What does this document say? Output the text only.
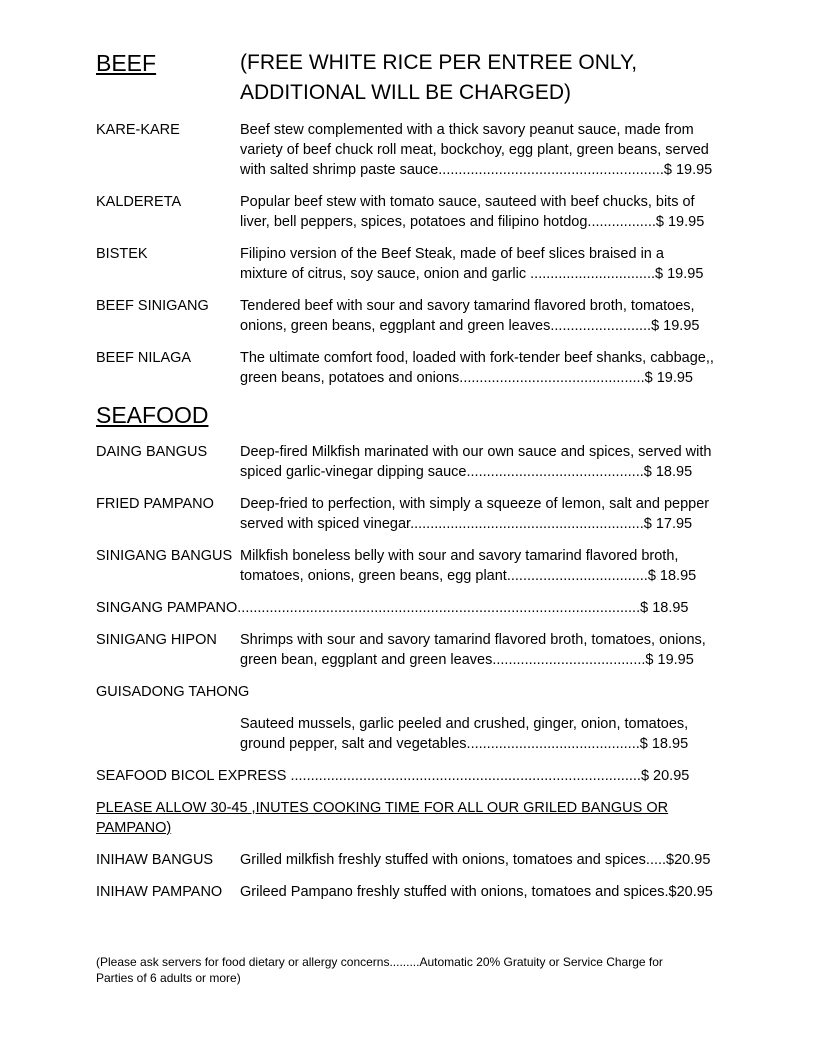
BEEF	(FREE WHITE RICE PER ENTREE ONLY,
ADDITIONAL WILL BE CHARGED)
KARE-KARE	Beef stew complemented with a thick savory peanut sauce, made from
variety of beef chuck roll meat, bockchoy, egg plant, green beans, served
with salted shrimp paste sauce........................................................$ 19.95
KALDERETA	Popular beef stew with tomato sauce, sauteed with beef chucks, bits of
liver, bell peppers, spices, potatoes and filipino hotdog.................$ 19.95
BISTEK	Filipino version of the Beef Steak, made of beef slices braised in a
mixture of citrus, soy sauce, onion and garlic ...............................$ 19.95
BEEF SINIGANG	Tendered beef with sour and savory tamarind flavored broth, tomatoes,
onions, green beans, eggplant and green leaves.........................$ 19.95
BEEF NILAGA	The ultimate comfort food, loaded with fork-tender beef shanks, cabbage,,
green beans, potatoes and onions..............................................$ 19.95
SEAFOOD
DAING BANGUS	Deep-fired Milkfish marinated with our own sauce and spices, served with
spiced garlic-vinegar dipping sauce............................................$ 18.95
FRIED PAMPANO	Deep-fried to perfection, with simply a squeeze of lemon, salt and pepper
served with spiced vinegar..........................................................$ 17.95
SINIGANG BANGUS Milkfish boneless belly with sour and savory tamarind flavored broth,
tomatoes, onions, green beans, egg plant...................................$ 18.95
SINGANG PAMPANO....................................................................................................$ 18.95
SINIGANG HIPON	Shrimps with sour and savory tamarind flavored broth, tomatoes, onions,
green bean, eggplant and green leaves......................................$ 19.95
GUISADONG TAHONG
Sauteed mussels, garlic peeled and crushed, ginger, onion, tomatoes,
ground pepper, salt and vegetables...........................................$ 18.95
SEAFOOD BICOL EXPRESS .......................................................................................$ 20.95
PLEASE ALLOW 30-45 ,INUTES COOKING TIME FOR ALL OUR GRILED BANGUS OR
PAMPANO)
INIHAW BANGUS	Grilled milkfish freshly stuffed with onions, tomatoes and spices.....$20.95
INIHAW PAMPANO	Grileed Pampano freshly stuffed with onions, tomatoes and spices.$20.95
(Please ask servers for food dietary or allergy concerns.........Automatic 20% Gratuity or Service Charge for
Parties of 6 adults or more)
